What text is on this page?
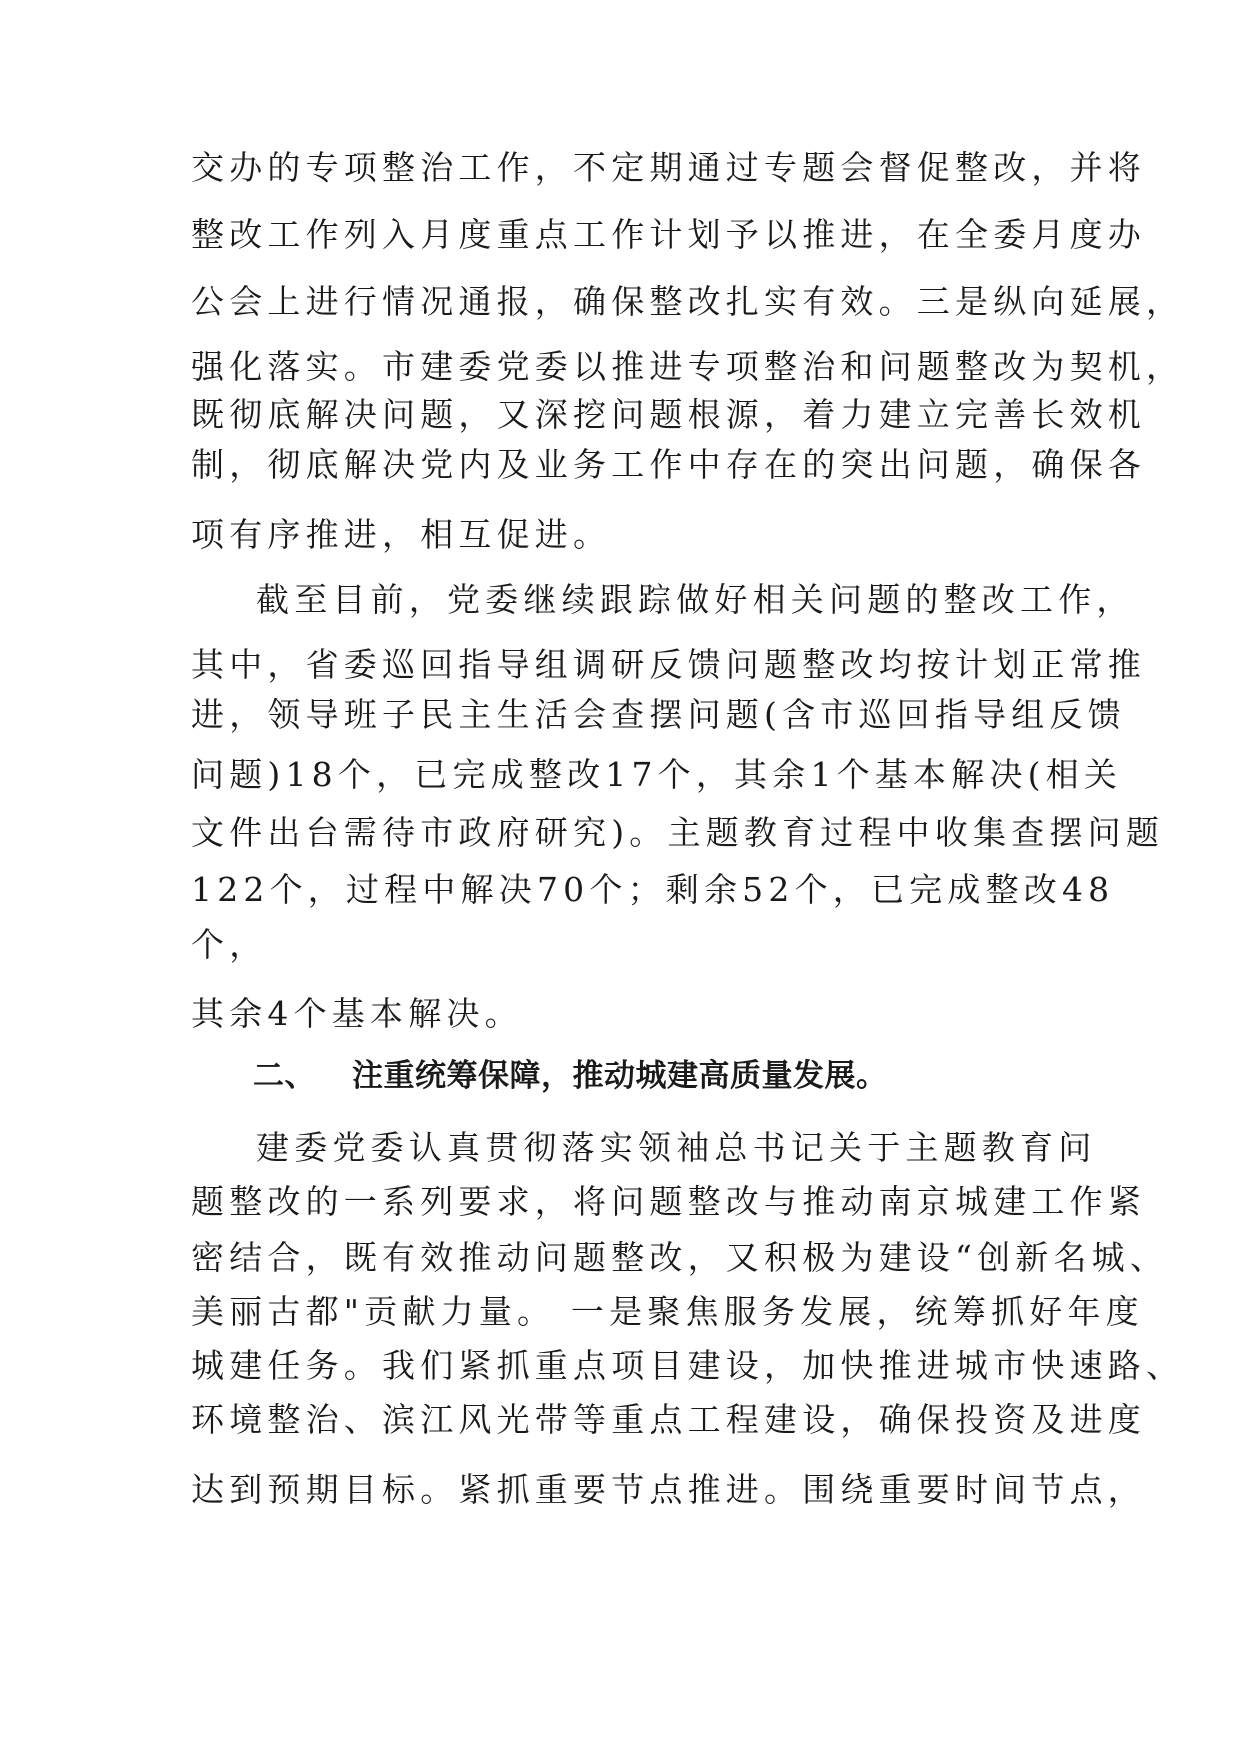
交办的专项整治工作，不定期通过专题会督促整改，并将
整改工作列入月度重点工作计划予以推进，在全委月度办
公会上进行情况通报，确保整改扎实有效。三是纵向延展，
强化落实。市建委党委以推进专项整治和问题整改为契机，
既彻底解决问题，又深挖问题根源，着力建立完善长效机
制，彻底解决党内及业务工作中存在的突出问题，确保各
项有序推进，相互促进。
截至目前，党委继续跟踪做好相关问题的整改工作，
其中，省委巡回指导组调研反馈问题整改均按计划正常推
进，领导班子民主生活会查摆问题(含市巡回指导组反馈
问题)18个，已完成整改17个，其余1个基本解决(相关
文件出台需待市政府研究)。主题教育过程中收集查摆问题
122个，过程中解决70个；剩余52个，已完成整改48
个，
其余4个基本解决。
二、 注重统筹保障，推动城建高质量发展。
建委党委认真贯彻落实领袖总书记关于主题教育问
题整改的一系列要求，将问题整改与推动南京城建工作紧
密结合，既有效推动问题整改，又积极为建设“创新名城、
美丽古都"贡献力量。 一是聚焦服务发展，统筹抓好年度
城建任务。我们紧抓重点项目建设，加快推进城市快速路、
环境整治、滨江风光带等重点工程建设，确保投资及进度
达到预期目标。紧抓重要节点推进。围绕重要时间节点，
